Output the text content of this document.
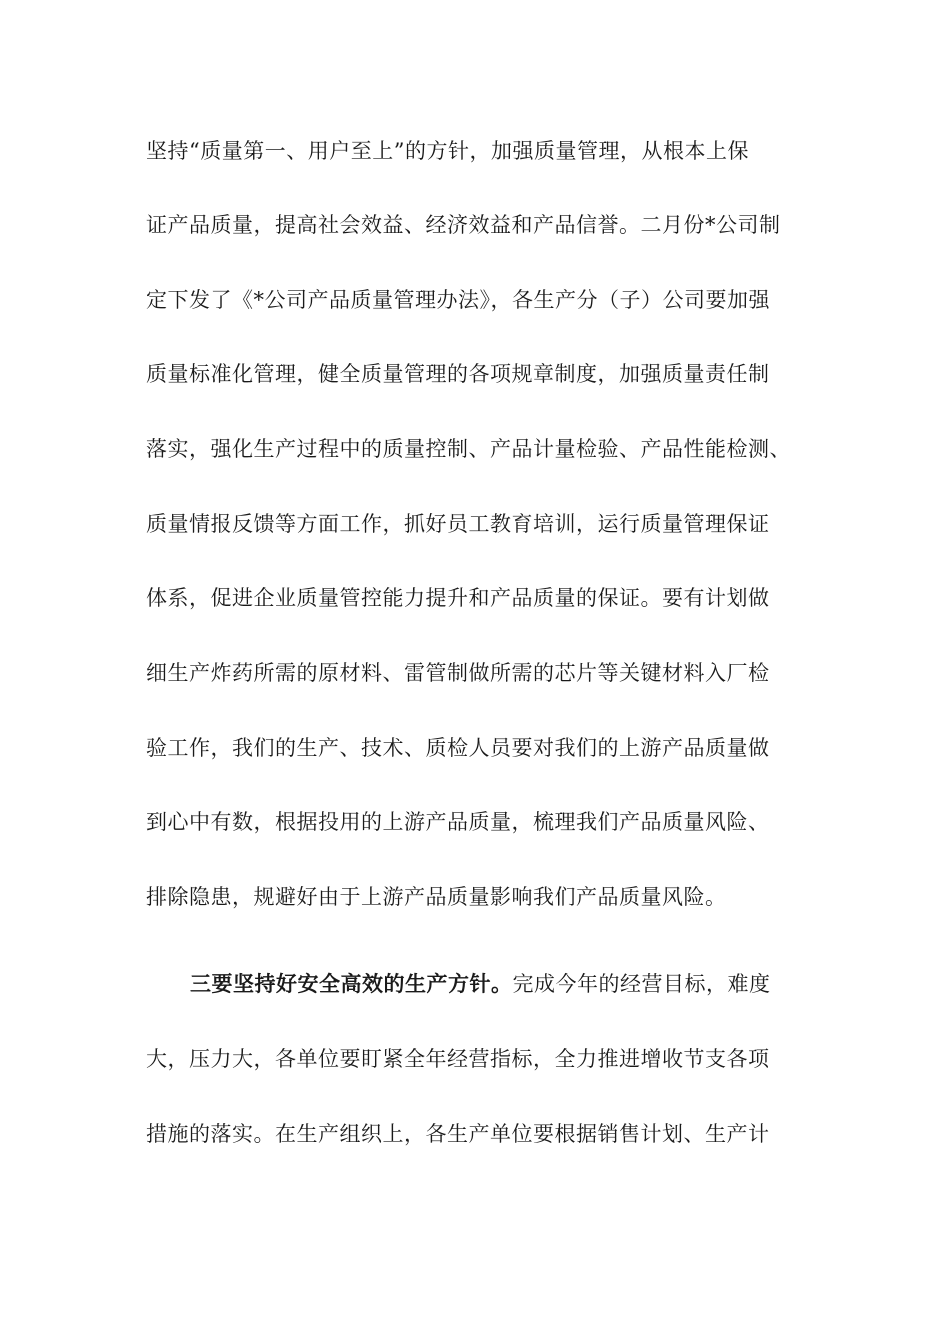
坚持“质量第一、用户至上”的方针，加强质量管理，从根本上保
证产品质量，提高社会效益、经济效益和产品信誉。二月份*公司制
定下发了《*公司产品质量管理办法》，各生产分（子）公司要加强
质量标准化管理，健全质量管理的各项规章制度，加强质量责任制
落实，强化生产过程中的质量控制、产品计量检验、产品性能检测、
质量情报反馈等方面工作，抓好员工教育培训，运行质量管理保证
体系，促进企业质量管控能力提升和产品质量的保证。要有计划做
细生产炸药所需的原材料、雷管制做所需的芯片等关键材料入厂检
验工作，我们的生产、技术、质检人员要对我们的上游产品质量做
到心中有数，根据投用的上游产品质量，梳理我们产品质量风险、
排除隐患，规避好由于上游产品质量影响我们产品质量风险。
三要坚持好安全高效的生产方针。完成今年的经营目标，难度
大，压力大，各单位要盯紧全年经营指标，全力推进增收节支各项
措施的落实。在生产组织上，各生产单位要根据销售计划、生产计
